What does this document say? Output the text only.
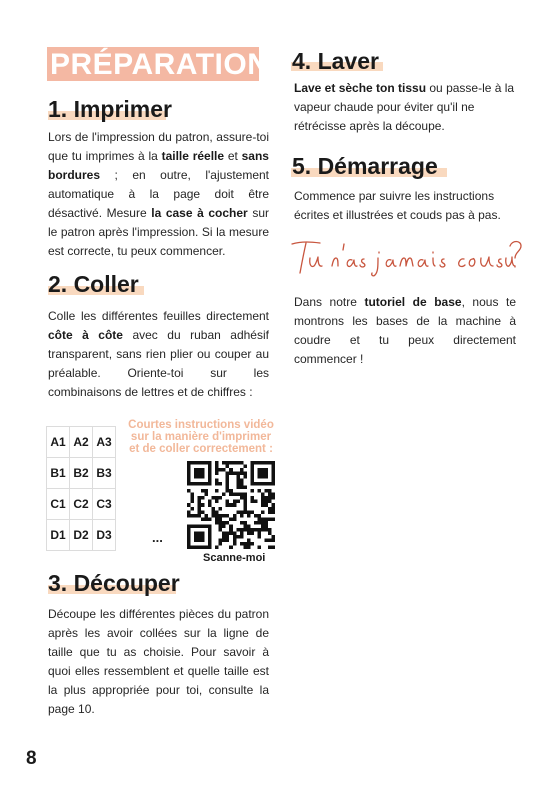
PRÉPARATION
1. Imprimer
Lors de l'impression du patron, assure-toi que tu imprimes à la taille réelle et sans bordures ; en outre, l'ajustement automatique à la page doit être désactivé. Mesure la case à cocher sur le patron après l'impression. Si la mesure est correcte, tu peux commencer.
2. Coller
Colle les différentes feuilles directement côte à côte avec du ruban adhésif transparent, sans rien plier ou couper au préalable. Oriente-toi sur les combinaisons de lettres et de chiffres :
A1	A2	A3
B1	B2	B3
C1	C2	C3
D1	D2	D3	...
Courtes instructions vidéo sur la manière d'imprimer et de coller correctement :
Scanne-moi
3. Découper
Découpe les différentes pièces du patron après les avoir collées sur la ligne de taille que tu as choisie. Pour savoir à quoi elles ressemblent et quelle taille est la plus appropriée pour toi, consulte la page 10.
4. Laver
Lave et sèche ton tissu ou passe-le à la vapeur chaude pour éviter qu'il ne rétrécisse après la découpe.
5. Démarrage
Commence par suivre les instructions écrites et illustrées et couds pas à pas.
Dans notre tutoriel de base, nous te montrons les bases de la machine à coudre et tu peux directement commencer !
8
